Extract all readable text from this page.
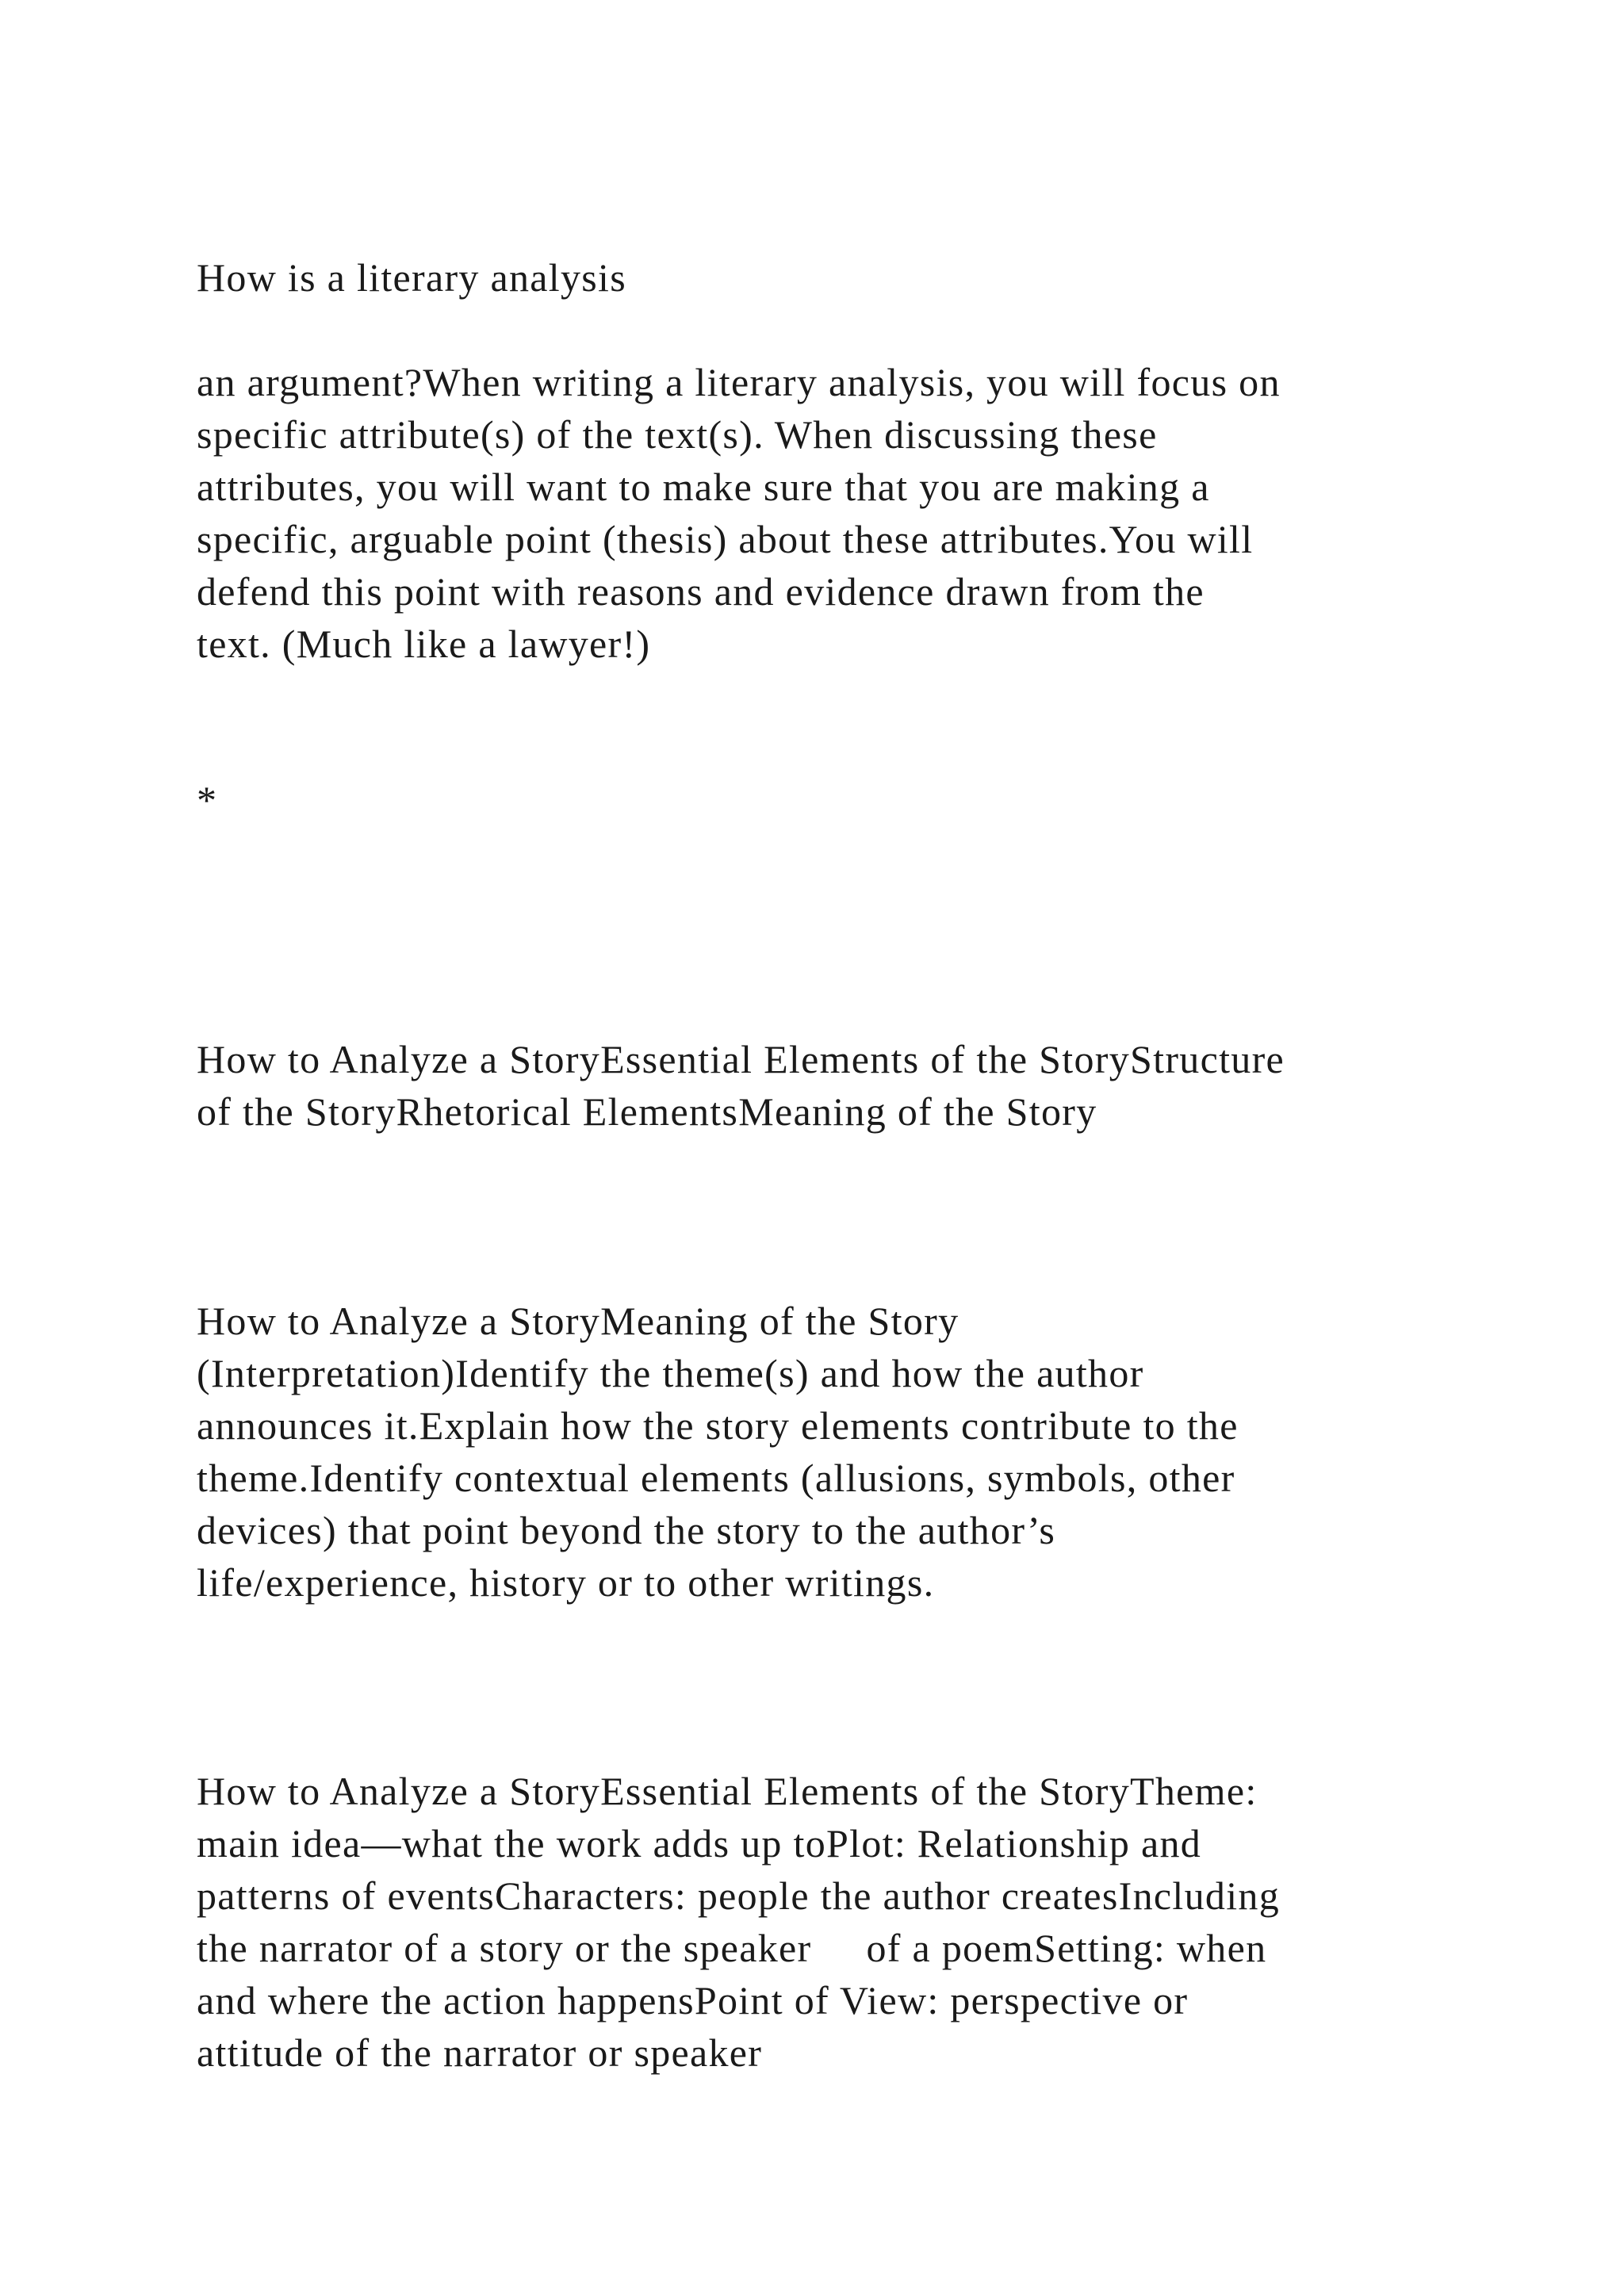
How is a literary analysis

an argument?When writing a literary analysis, you will focus on

specific attribute(s) of the text(s). When discussing these

attributes, you will want to make sure that you are making a

specific, arguable point (thesis) about these attributes.You will

defend this point with reasons and evidence drawn from the

text. (Much like a lawyer!)

*

How to Analyze a StoryEssential Elements of the StoryStructure

of the StoryRhetorical ElementsMeaning of the Story

How to Analyze a StoryMeaning of the Story

(Interpretation)Identify the theme(s) and how the author

announces it.Explain how the story elements contribute to the

theme.Identify contextual elements (allusions, symbols, other

devices) that point beyond the story to the author’s

life/experience, history or to other writings.

How to Analyze a StoryEssential Elements of the StoryTheme:

main idea—what the work adds up toPlot: Relationship and

patterns of eventsCharacters: people the author createsIncluding

the narrator of a story or the speaker     of a poemSetting: when

and where the action happensPoint of View: perspective or

attitude of the narrator or speaker
